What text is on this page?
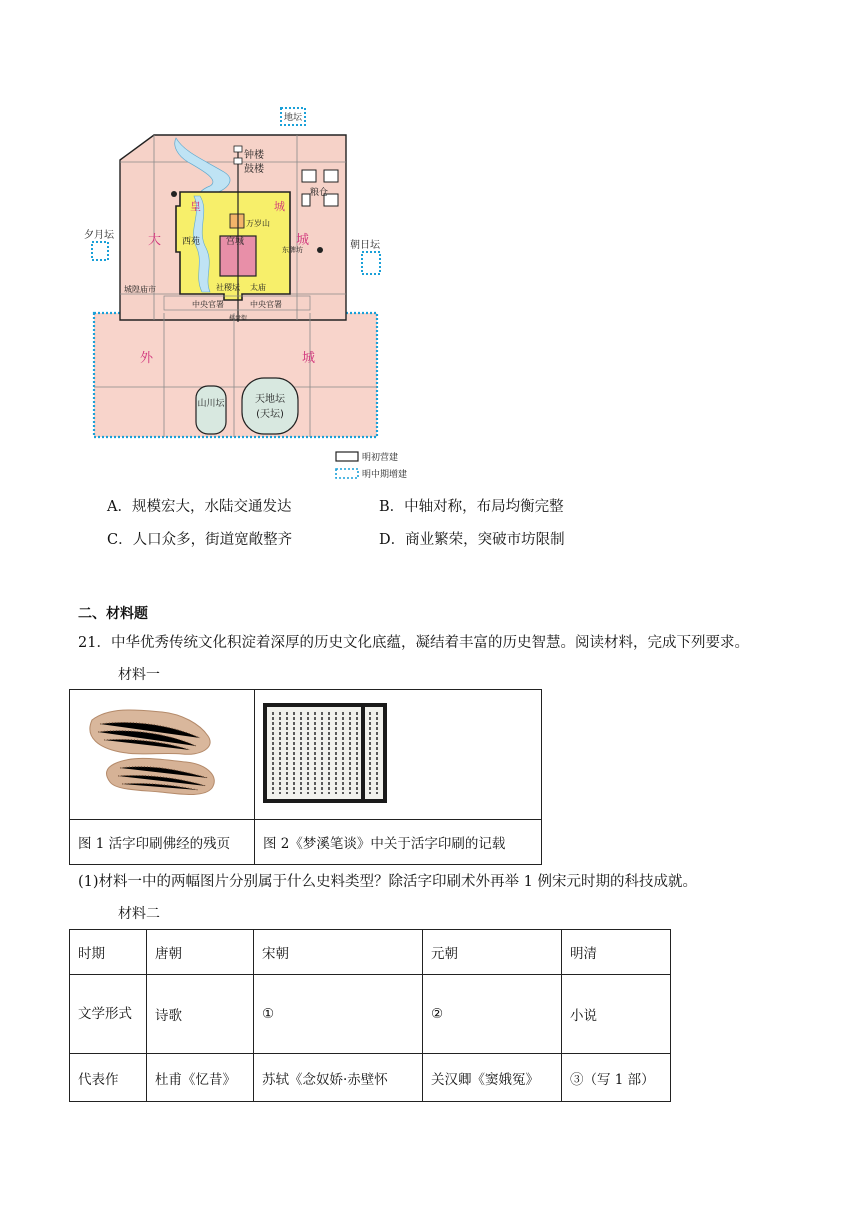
地坛
钟楼
鼓楼
粮仓
皇	城
西苑	宫城
万岁山
大	城
夕月坛
朝日坛
东牌坊
城隍庙市	社稷坛 太庙
中央官署	中央官署
棋盘街
外	城
山川坛	天地坛
(天坛)
明初营建
明中期增建
A．规模宏大，水陆交通发达	B．中轴对称，布局均衡完整
C．人口众多，街道宽敞整齐	D．商业繁荣，突破市坊限制
二、材料题
21．中华优秀传统文化积淀着深厚的历史文化底蕴，凝结着丰富的历史智慧。阅读材料，完成下列要求。
材料一

图 1 活字印刷佛经的残页	图 2《梦溪笔谈》中关于活字印刷的记载
(1)材料一中的两幅图片分别属于什么史料类型？除活字印刷术外再举 1 例宋元时期的科技成就。
材料二
时期	唐朝	宋朝	元朝	明清
文学形式	诗歌	①	②	小说
代表作	杜甫《忆昔》	苏轼《念奴娇·赤壁怀	关汉卿《窦娥冤》	③（写 1 部）
